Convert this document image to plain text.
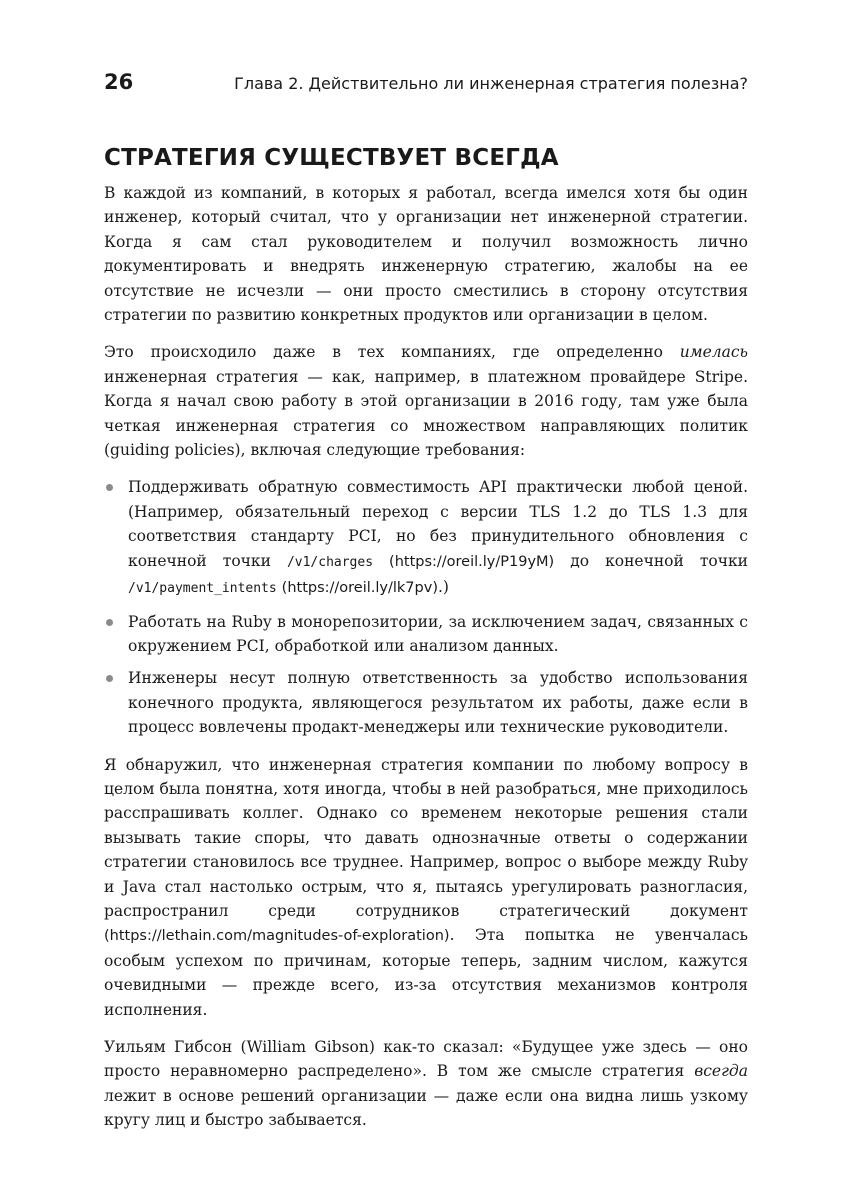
26	Глава 2. Действительно ли инженерная стратегия полезна?
СТРАТЕГИЯ СУЩЕСТВУЕТ ВСЕГДА

В каждой из компаний, в которых я работал, всегда имелся хотя бы один инженер, который считал, что у организации нет инженерной стратегии. Когда я сам стал руководителем и получил возможность лично документировать и внедрять инженерную стратегию, жалобы на ее отсутствие не исчезли — они просто сместились в сторону отсутствия стратегии по развитию конкретных продуктов или организации в целом.

Это происходило даже в тех компаниях, где определенно имелась инженерная стратегия — как, например, в платежном провайдере Stripe. Когда я начал свою работу в этой организации в 2016 году, там уже была четкая инженерная стратегия со множеством направляющих политик (guiding policies), включая следующие требования:

Поддерживать обратную совместимость API практически любой ценой. (Например, обязательный переход с версии TLS 1.2 до TLS 1.3 для соответствия стандарту PCI, но без принудительного обновления с конечной точки /v1/charges (https://oreil.ly/P19yM) до конечной точки /v1/payment_intents (https://oreil.ly/lk7pv).)
Работать на Ruby в монорепозитории, за исключением задач, связанных с окружением PCI, обработкой или анализом данных.
Инженеры несут полную ответственность за удобство использования конечного продукта, являющегося результатом их работы, даже если в процесс вовлечены продакт-менеджеры или технические руководители.

Я обнаружил, что инженерная стратегия компании по любому вопросу в целом была понятна, хотя иногда, чтобы в ней разобраться, мне приходилось расспрашивать коллег. Однако со временем некоторые решения стали вызывать такие споры, что давать однозначные ответы о содержании стратегии становилось все труднее. Например, вопрос о выборе между Ruby и Java стал настолько острым, что я, пытаясь урегулировать разногласия, распространил среди сотрудников стратегический документ (https://lethain.com/magnitudes-of-exploration). Эта попытка не увенчалась особым успехом по причинам, которые теперь, задним числом, кажутся очевидными — прежде всего, из-за отсутствия механизмов контроля исполнения.

Уильям Гибсон (William Gibson) как-то сказал: «Будущее уже здесь — оно просто неравномерно распределено». В том же смысле стратегия всегда лежит в основе решений организации — даже если она видна лишь узкому кругу лиц и быстро забывается.
